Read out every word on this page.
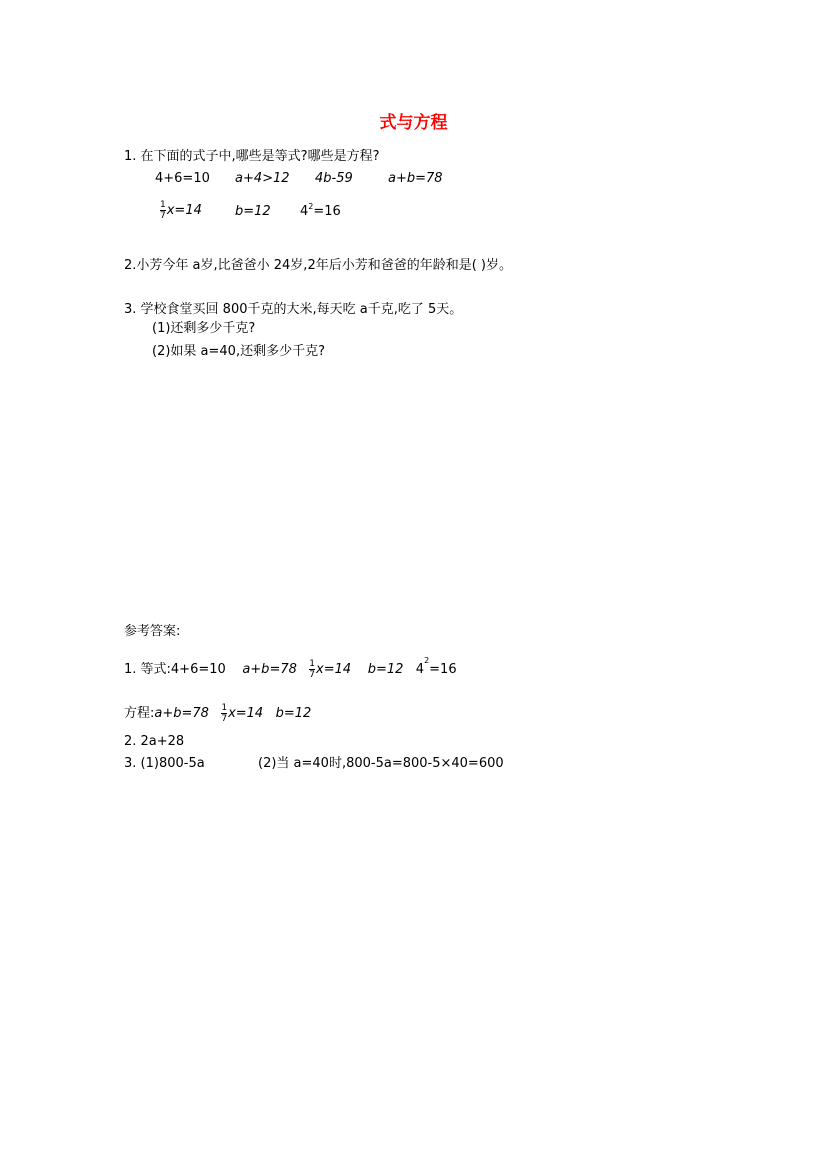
式与方程
1. 在下面的式子中,哪些是等式?哪些是方程?
4+6=10 a+4>12 4b-59	a+b=78
$\frac{1}{7} x=14$	b=12 $4^2=16$
2.小芳今年 a岁,比爸爸小 24岁,2年后小芳和爸爸的年龄和是( )岁。
3. 学校食堂买回 800千克的大米,每天吃 a千克,吃了 5天。
(1)还剩多少千克?
(2)如果 a=40,还剩多少千克?
参考答案:
1. 等式:4+6=10 $a+b=78 \frac{1}{7} x=14$ b=12 $4^2=16$
方程:a+b=78 $\frac{1}{7} x=14$ b=12
2. 2a+28
3. (1)800-5a	(2)当 a=40时,800-5a=800-5×40=600
